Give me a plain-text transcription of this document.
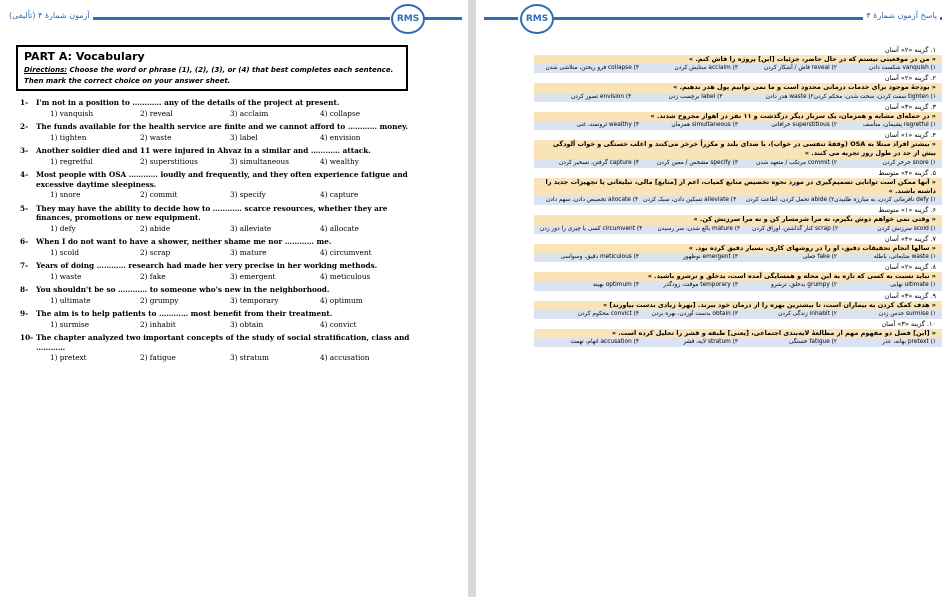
RMS
آزمون شمارۀ ۴ (تألیفی)
PART A: Vocabulary
Directions: Choose the word or phrase (1), (2), (3), or (4) that best completes each sentence. Then mark the correct choice on your answer sheet.
1-	I'm not in a position to ………… any of the details of the project at present.
1) vanquish	2) reveal	3) acclaim	4) collapse
2-	The funds available for the health service are finite and we cannot afford to ………… money.
1) tighten	2) waste	3) label	4) envision
3-	Another soldier died and 11 were injured in Ahvaz in a similar and ………… attack.
1) regretful	2) superstitious	3) simultaneous	4) wealthy
4-	Most people with OSA ………… loudly and frequently, and they often experience fatigue and excessive daytime sleepiness.
1) snore	2) commit	3) specify	4) capture
5-	They may have the ability to decide how to ………… scarce resources, whether they are finances, promotions or new equipment.
1) defy	2) abide	3) alleviate	4) allocate
6-	When I do not want to have a shower, neither shame me nor ………… me.
1) scold	2) scrap	3) mature	4) circumvent
7-	Years of doing ………… research had made her very precise in her working methods.
1) waste	2) fake	3) emergent	4) meticulous
8-	You shouldn't be so ………… to someone who's new in the neighborhood.
1) ultimate	2) grumpy	3) temporary	4) optimum
9-	The aim is to help patients to ………… most benefit from their treatment.
1) surmise	2) inhabit	3) obtain	4) convict
10- The chapter analyzed two important concepts of the study of social stratification, class and …………
1) pretext	2) fatigue	3) stratum	4) accusation
RMS	پاسخ آزمون شمارۀ ۴
۱. گزینه «۲» آسان
« من در موقعیتی نیستم که در حال حاضر، جزئیات [این] پروژه را فاش کنم. »
۱) vanquish شکست دادن
۲) reveal فاش / آشکار کردن
۳) acclaim ستایش کردن
۴) collapse فرو ریختن، متلاشی شدن
۲. گزینه «۲» آسان
« بودجۀ موجود برای خدمات درمانی محدود است و ما نمی توانیم پول هدر بدهیم. »
۱) tighten سفت کردن، سخت شدن، محکم کردن
۲) waste هدر دادن
۳) label برچسب زدن
۴) envision تصور کردن
۳. گزینه «۳» آسان
« در حمله‌ای مشابه و همزمان، یک سرباز دیگر درگذشت و ۱۱ نفر در اهواز مجروح شدند. »
۱) regretful پشیمان، متأسف
۲) superstitious خرافاتی
۳) simultaneous همزمان
۴) wealthy ثروتمند، غنی
۴. گزینه «۱» آسان
« بیشتر افراد مبتلا به OSA (وقفۀ تنفسی در خواب)، با صدای بلند و مکرراً خرخر می‌کنند و اغلب خستگی و خواب آلودگی بیش از حد در طول روز تجربه می کنند. »
۱) snore خرخر کردن
۲) commit مرتکب / متعهد شدن
۳) specify مشخص / معین کردن
۴) capture گرفتن، تسخیر کردن
۵. گزینه «۴» متوسط
« آنها ممکن است توانایی تصمیم‌گیری در مورد نحوه تخصیص منابع کمیاب، اعم از [منابع] مالی، تبلیغاتی یا تجهیزات جدید را داشته باشند. »
۱) defy نافرمانی کردن، به مبارزه طلبیدن
۲) abide تحمل کردن، اطاعت کردن
۳) alleviate تسکین دادن، سبک کردن
۴) allocate تخصیص دادن، سهم دادن
۶. گزینه «۱» متوسط
« وقتی نمی خواهم دوش بگیرم، نه مرا شرمسار کن و نه مرا سرزنش کن. »
۱) scold سرزنش کردن
۲) scrap کنار گذاشتن، اوراق کردن
۳) mature بالغ شدن، سر رسیدن
۴) circumvent کسی یا چیزی را دور زدن
۷. گزینه «۴» آسان
« سالها انجام تحقیقات دقیق، او را در روشهای کاری، بسیار دقیق کرده بود. »
۱) waste ضایعاتی، باطله
۲) fake جعلی
۳) emergent نوظهور
۴) meticulous دقیق، وسواسی
۸. گزینه «۲» آسان
« نباید نسبت به کسی که تازه به این محله و همسایگی آمده است، بدخلق و ترشرو باشید. »
۱) ultimate نهایی
۲) grumpy بدخلق، ترشرو
۳) temporary موقت، زودگذر
۴) optimum بهینه
۹. گزینه «۳» آسان
« هدف کمک کردن به بیماران است، تا بیشترین بهره را از درمان خود ببرند. [بهرۀ زیادی بدست بیاورند] »
۱) surmise حدس زدن
۲) inhabit زندگی کردن
۳) obtain بدست آوردن، بهره بردن
۴) convict محکوم کردن
۱۰. گزینه «۳» آسان
« [این] فصل دو مفهوم مهم از مطالعۀ لایه‌بندی اجتماعی، [یعنی] طبقه و قشر را تحلیل کرده است. »
۱) pretext بهانه، عذر
۲) fatigue خستگی
۳) stratum لایه، قشر
۴) accusation اتهام، تهمت
